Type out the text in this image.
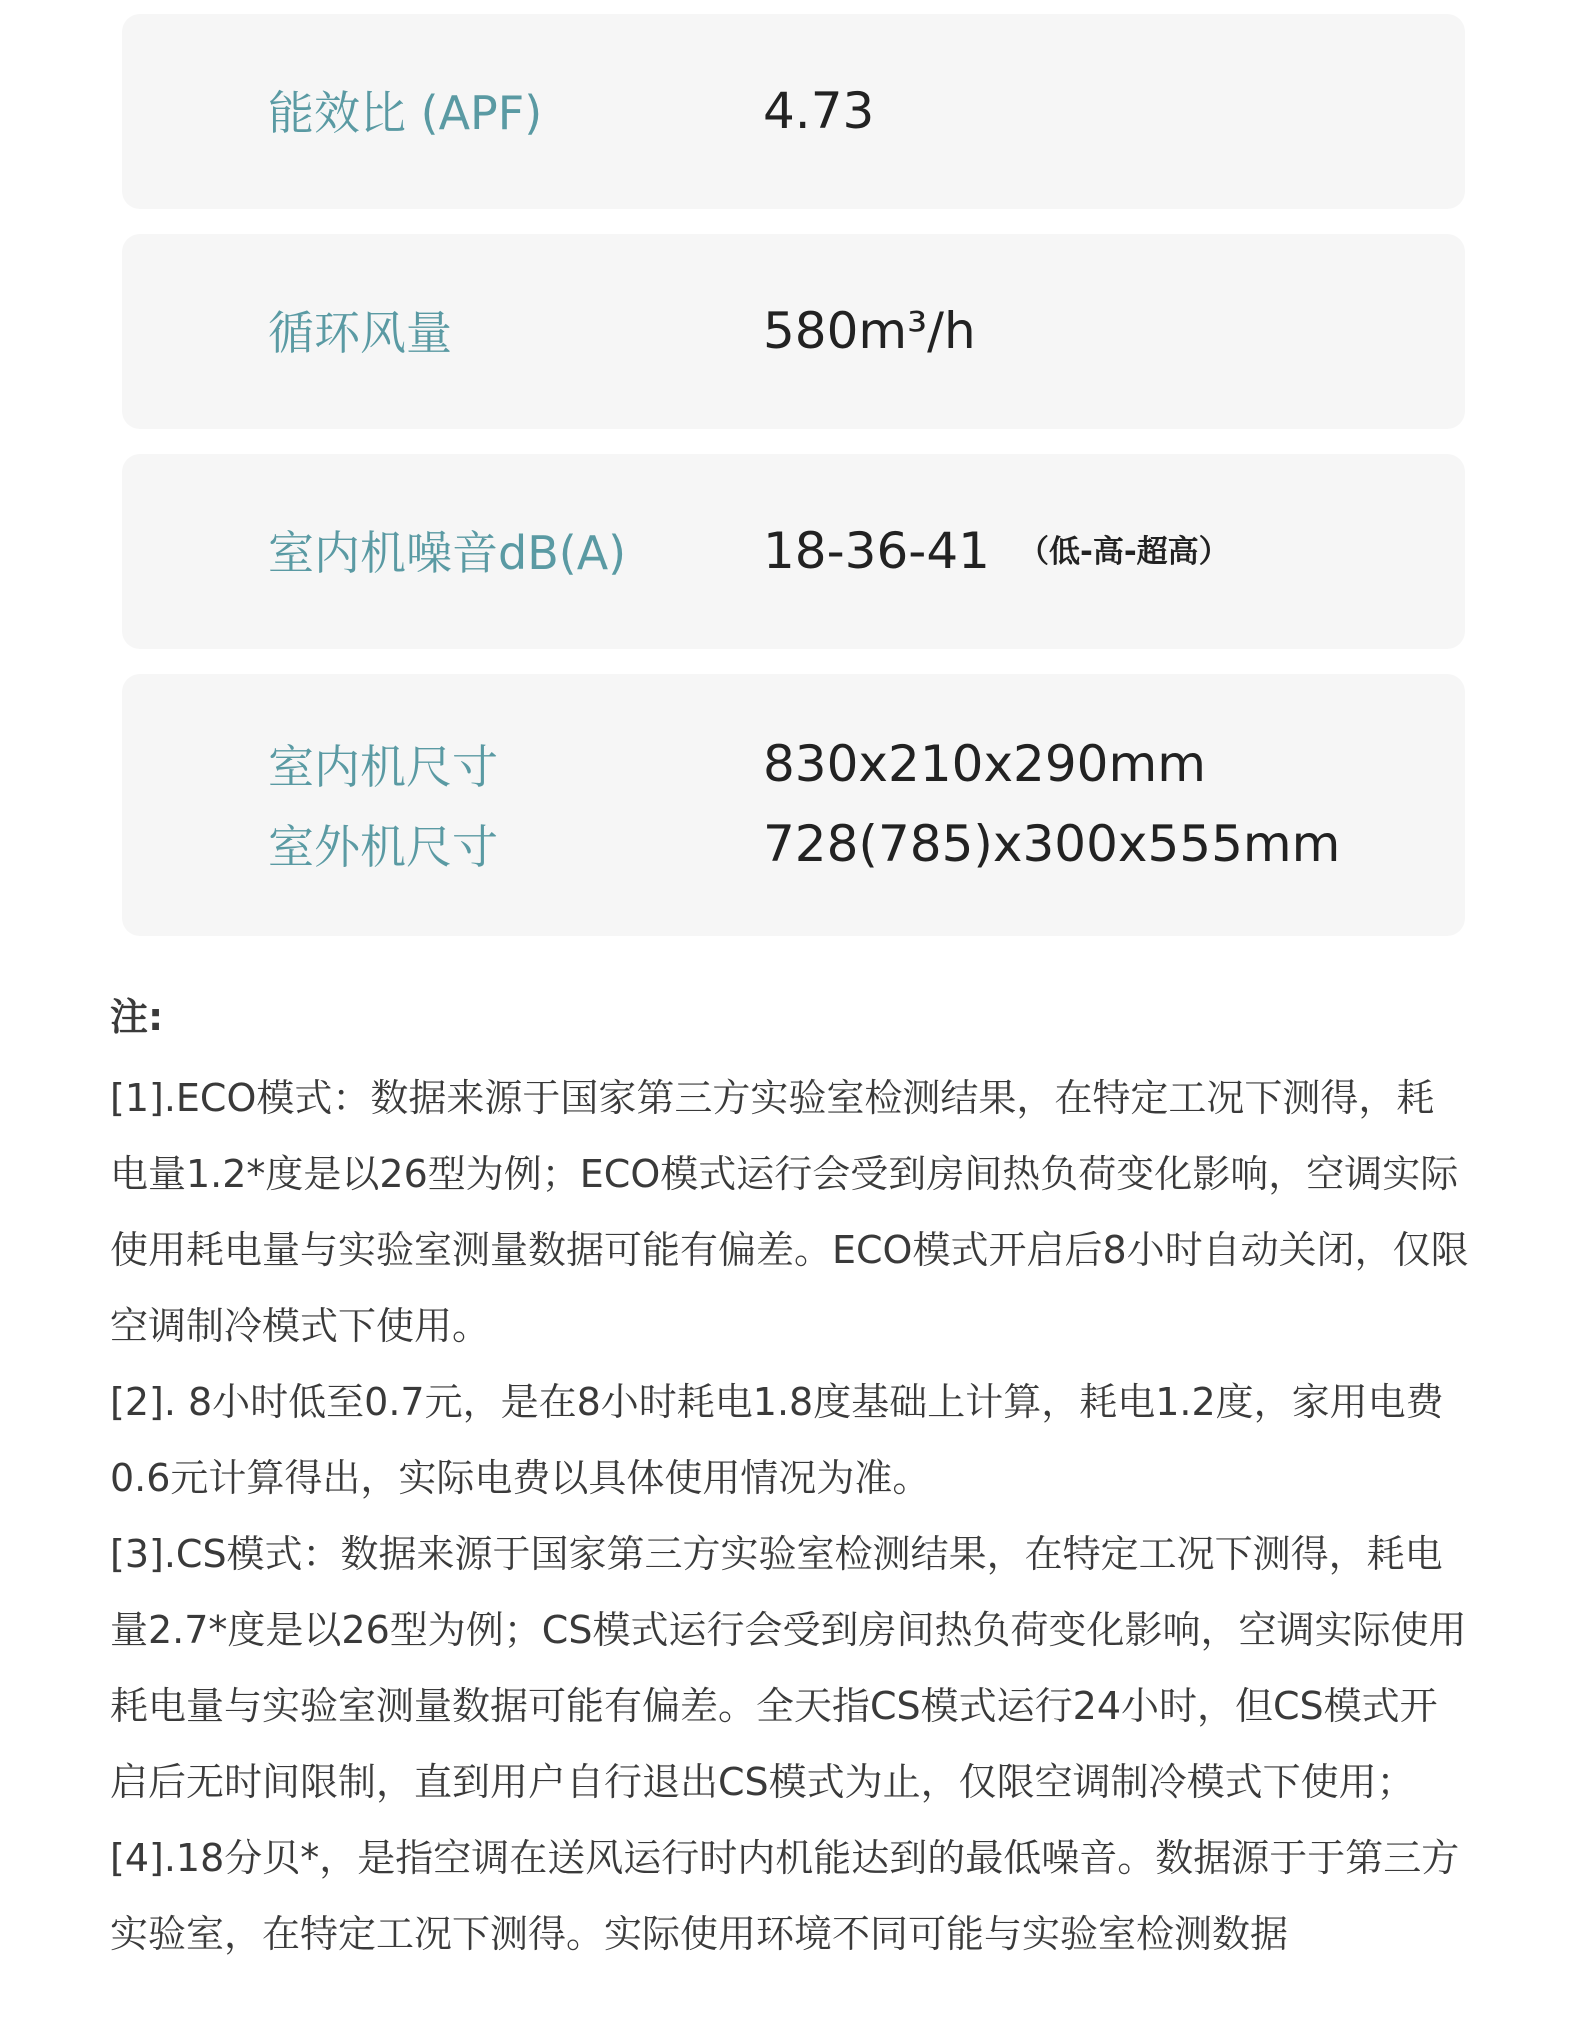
能效比 (APF)	4.73
循环风量	580m³/h
室内机噪音dB(A)	18-36-41 （低-高-超高）
室内机尺寸	830x210x290mm
室外机尺寸	728(785)x300x555mm

注:

[1].ECO模式：数据来源于国家第三方实验室检测结果，在特定工况下测得，耗电量1.2*度是以26型为例；ECO模式运行会受到房间热负荷变化影响，空调实际使用耗电量与实验室测量数据可能有偏差。ECO模式开启后8小时自动关闭，仅限空调制冷模式下使用。

[2]. 8小时低至0.7元，是在8小时耗电1.8度基础上计算，耗电1.2度，家用电费0.6元计算得出，实际电费以具体使用情况为准。

[3].CS模式：数据来源于国家第三方实验室检测结果，在特定工况下测得，耗电量2.7*度是以26型为例；CS模式运行会受到房间热负荷变化影响，空调实际使用耗电量与实验室测量数据可能有偏差。全天指CS模式运行24小时，但CS模式开启后无时间限制，直到用户自行退出CS模式为止，仅限空调制冷模式下使用；

[4].18分贝*，是指空调在送风运行时内机能达到的最低噪音。数据源于于第三方实验室，在特定工况下测得。实际使用环境不同可能与实验室检测数据
